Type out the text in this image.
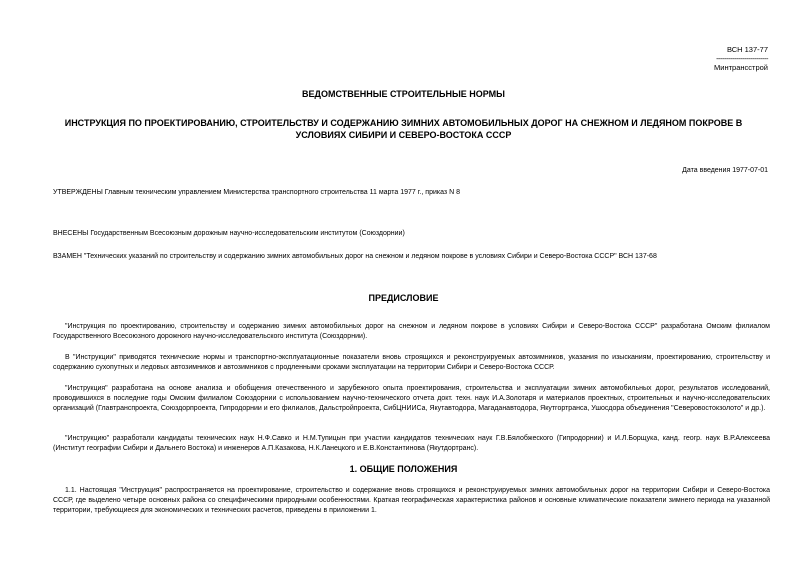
ВСН 137-77

--------------------------
Минтрансстрой
ВЕДОМСТВЕННЫЕ СТРОИТЕЛЬНЫЕ НОРМЫ
ИНСТРУКЦИЯ ПО ПРОЕКТИРОВАНИЮ, СТРОИТЕЛЬСТВУ И СОДЕРЖАНИЮ ЗИМНИХ АВТОМОБИЛЬНЫХ ДОРОГ НА СНЕЖНОМ И ЛЕДЯНОМ ПОКРОВЕ В УСЛОВИЯХ СИБИРИ И СЕВЕРО-ВОСТОКА СССР
Дата введения 1977-07-01
УТВЕРЖДЕНЫ Главным техническим управлением Министерства транспортного строительства 11 марта 1977 г., приказ N 8
ВНЕСЕНЫ Государственным Всесоюзным дорожным научно-исследовательским институтом (Союздорнии)
ВЗАМЕН "Технических указаний по строительству и содержанию зимних автомобильных дорог на снежном и ледяном покрове в условиях Сибири и Северо-Востока СССР" ВСН 137-68
ПРЕДИСЛОВИЕ
"Инструкция по проектированию, строительству и содержанию зимних автомобильных дорог на снежном и ледяном покрове в условиях Сибири и Северо-Востока СССР" разработана Омским филиалом Государственного Всесоюзного дорожного научно-исследовательского института (Союздорнии).
В "Инструкции" приводятся технические нормы и транспортно-эксплуатационные показатели вновь строящихся и реконструируемых автозимников, указания по изысканиям, проектированию, строительству и содержанию сухопутных и ледовых автозимников и автозимников с продленными сроками эксплуатации на территории Сибири и Северо-Востока СССР.
"Инструкция" разработана на основе анализа и обобщения отечественного и зарубежного опыта проектирования, строительства и эксплуатации зимних автомобильных дорог, результатов исследований, проводившихся в последние годы Омским филиалом Союздорнии с использованием научно-технического отчета докт. техн. наук И.А.Золотаря и материалов проектных, строительных и научно-исследовательских организаций (Главтранспроекта, Союздорпроекта, Гипродорнии и его филиалов, Дальстройпроекта, СибЦНИИСа, Якутавтодора, Магаданавтодора, Якутгортранса, Ушосдора объединения "Северовостокзолото" и др.).
"Инструкцию" разработали кандидаты технических наук Н.Ф.Савко и Н.М.Тупицын при участии кандидатов технических наук Г.В.Бялобжеского (Гипродорнии) и И.Л.Борщука, канд. геогр. наук В.Р.Алексеева (Институт географии Сибири и Дальнего Востока) и инженеров А.П.Казакова, Н.К.Ланецкого и Е.В.Константинова (Якутдортранс).
1. ОБЩИЕ ПОЛОЖЕНИЯ
1.1. Настоящая "Инструкция" распространяется на проектирование, строительство и содержание вновь строящихся и реконструируемых зимних автомобильных дорог на территории Сибири и Северо-Востока СССР, где выделено четыре основных района со специфическими природными особенностями. Краткая географическая характеристика районов и основные климатические показатели зимнего периода на указанной территории, требующиеся для экономических и технических расчетов, приведены в приложении 1.
